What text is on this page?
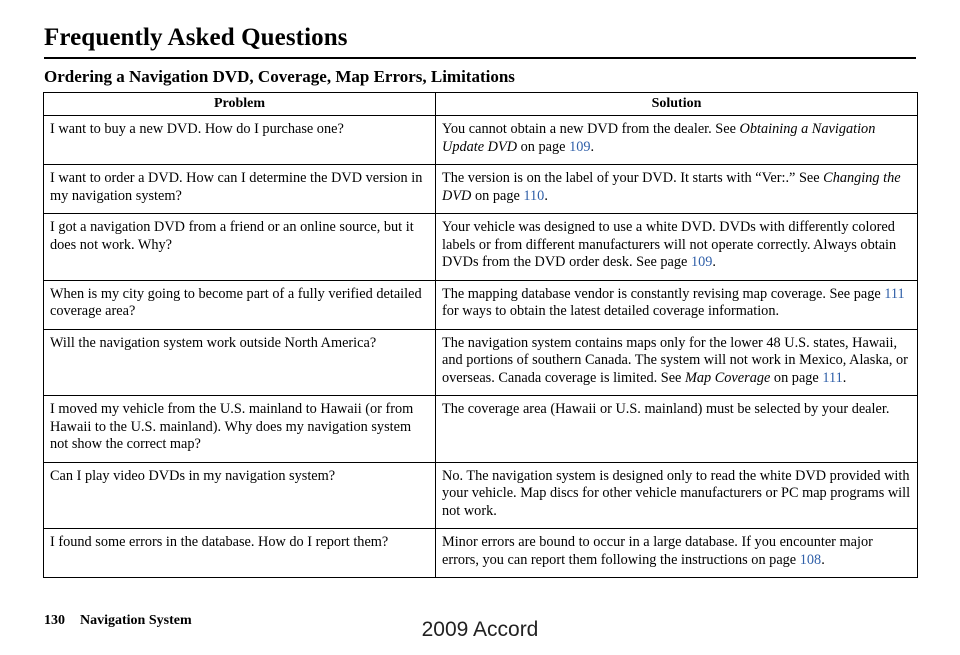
Frequently Asked Questions
Ordering a Navigation DVD, Coverage, Map Errors, Limitations
Problem	Solution
I want to buy a new DVD. How do I purchase one?	You cannot obtain a new DVD from the dealer. See Obtaining a Navigation Update DVD on page 109.
I want to order a DVD. How can I determine the DVD version in my navigation system?	The version is on the label of your DVD. It starts with “Ver:.” See Changing the DVD on page 110.
I got a navigation DVD from a friend or an online source, but it does not work. Why?	Your vehicle was designed to use a white DVD. DVDs with differently colored labels or from different manufacturers will not operate correctly. Always obtain DVDs from the DVD order desk. See page 109.
When is my city going to become part of a fully verified detailed coverage area?	The mapping database vendor is constantly revising map coverage. See page 111 for ways to obtain the latest detailed coverage information.
Will the navigation system work outside North America?	The navigation system contains maps only for the lower 48 U.S. states, Hawaii, and portions of southern Canada. The system will not work in Mexico, Alaska, or overseas. Canada coverage is limited. See Map Coverage on page 111.
I moved my vehicle from the U.S. mainland to Hawaii (or from Hawaii to the U.S. mainland). Why does my navigation system not show the correct map?	The coverage area (Hawaii or U.S. mainland) must be selected by your dealer.
Can I play video DVDs in my navigation system?	No. The navigation system is designed only to read the white DVD provided with your vehicle. Map discs for other vehicle manufacturers or PC map programs will not work.
I found some errors in the database. How do I report them?	Minor errors are bound to occur in a large database. If you encounter major errors, you can report them following the instructions on page 108.
130 Navigation System	2009 Accord
